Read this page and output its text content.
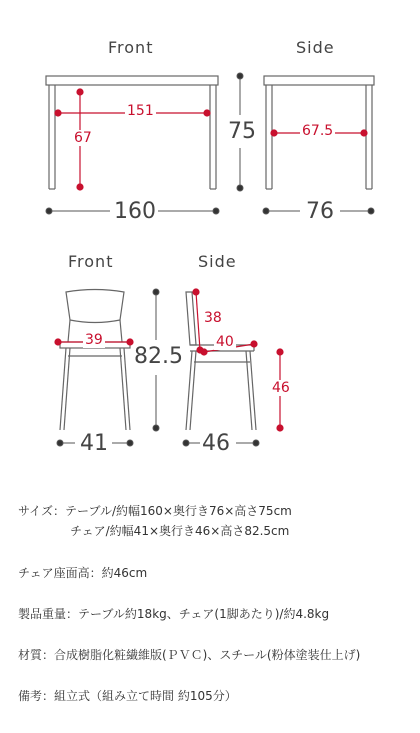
Front	Side
151
67
160
75	67.5
76
Front	Side
39
41
82.5
38
40
46
46
サイズ：テーブル/約幅160×奥行き76×高さ75cm
チェア/約幅41×奥行き46×高さ82.5cm
チェア座面高：約46cm
製品重量：テーブル約18kg、チェア(1脚あたり)/約4.8kg
材質：合成樹脂化粧繊維版(ＰＶＣ)、スチール(粉体塗装仕上げ)
備考：組立式（組み立て時間 約105分）
